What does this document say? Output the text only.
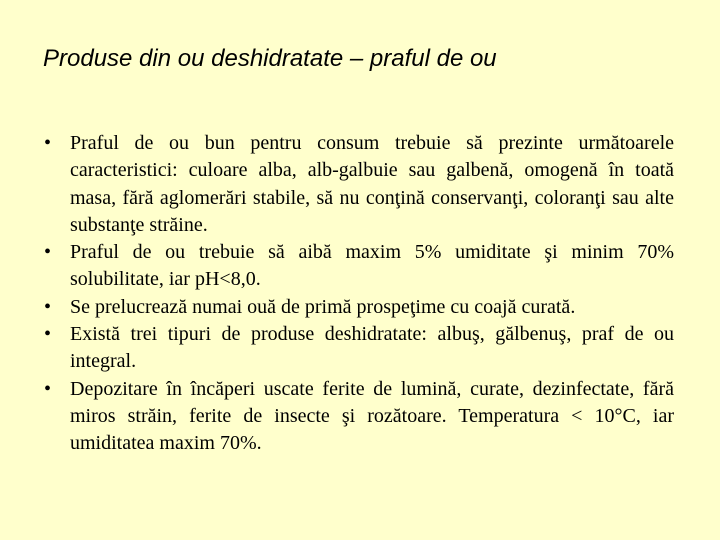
Produse din ou deshidratate – praful de ou
• Praful de ou bun pentru consum trebuie să prezinte următoarele caracteristici: culoare alba, alb-galbuie sau galbenă, omogenă în toată masa, fără aglomerări stabile, să nu conţină conservanţi, coloranţi sau alte substanţe străine.
• Praful de ou trebuie să aibă maxim 5% umiditate şi minim 70% solubilitate, iar pH<8,0.
• Se prelucrează numai ouă de primă prospeţime cu coajă curată.
• Există trei tipuri de produse deshidratate: albuş, gălbenuş, praf de ou integral.
• Depozitare în încăperi uscate ferite de lumină, curate, dezinfectate, fără miros străin, ferite de insecte şi rozătoare. Temperatura < 10°C, iar umiditatea maxim 70%.
